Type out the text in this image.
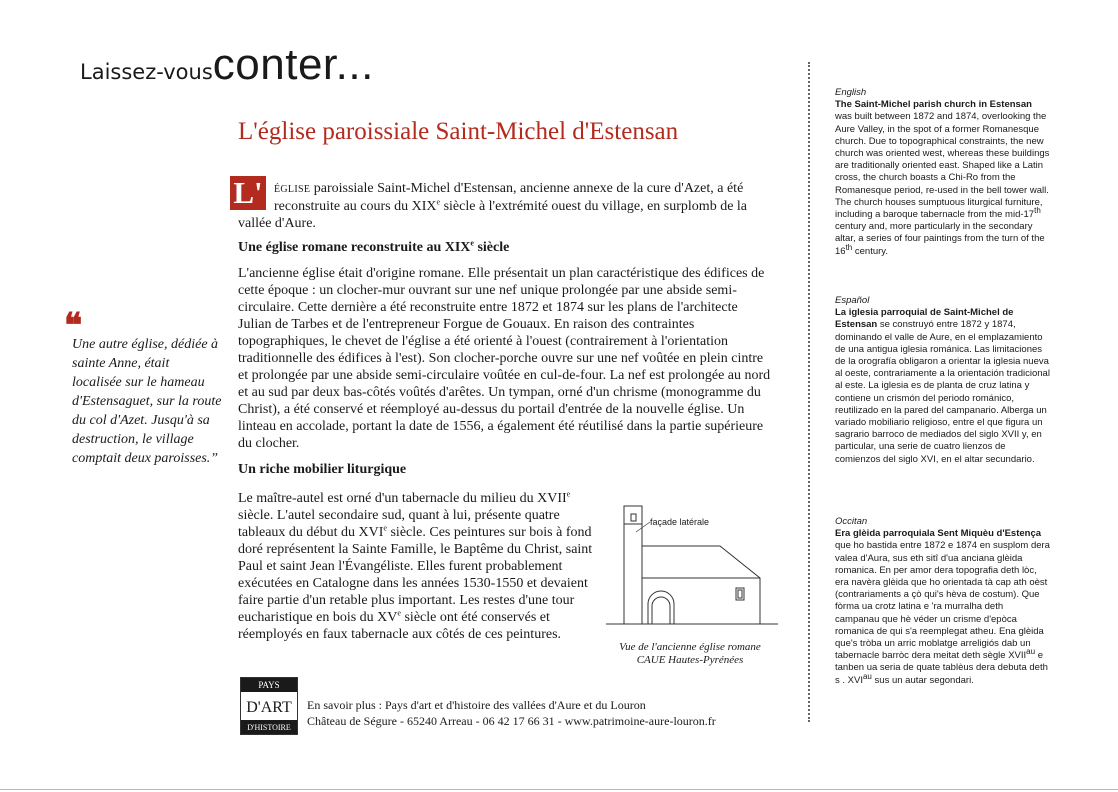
Laissez-vousconter...
L'église paroissiale Saint-Michel d'Estensan
L'	ÉGLISE paroissiale Saint-Michel d'Estensan, ancienne annexe de la cure d'Azet, a été reconstruite au cours du XIXe siècle à l'extrémité ouest du village, en surplomb de la vallée d'Aure.
Une église romane reconstruite au XIXe siècle
L'ancienne église était d'origine romane. Elle présentait un plan caractéristique des édifices de cette époque : un clocher-mur ouvrant sur une nef unique prolongée par une abside semi-circulaire. Cette dernière a été reconstruite entre 1872 et 1874 sur les plans de l'architecte Julian de Tarbes et de l'entrepreneur Forgue de Gouaux. En raison des contraintes topographiques, le chevet de l'église a été orienté à l'ouest (contrairement à l'orientation traditionnelle des édifices à l'est). Son clocher-porche ouvre sur une nef voûtée en plein cintre et prolongée par une abside semi-circulaire voûtée en cul-de-four. La nef est prolongée au nord et au sud par deux bas-côtés voûtés d'arêtes. Un tympan, orné d'un chrisme (monogramme du Christ), a été conservé et réemployé au-dessus du portail d'entrée de la nouvelle église. Un linteau en accolade, portant la date de 1556, a également été réutilisé dans la partie supérieure du clocher.
Un riche mobilier liturgique
Le maître-autel est orné d'un tabernacle du milieu du XVIIe siècle. L'autel secondaire sud, quant à lui, présente quatre tableaux du début du XVIe siècle. Ces peintures sur bois à fond doré représentent la Sainte Famille, le Baptême du Christ, saint Paul et saint Jean l'Évangéliste. Elles furent probablement exécutées en Catalogne dans les années 1530-1550 et devaient faire partie d'un retable plus important. Les restes d'une tour eucharistique en bois du XVe siècle ont été conservés et réemployés en faux tabernacle aux côtés de ces peintures.
façade latérale
Vue de l'ancienne église romane
CAUE Hautes-Pyrénées
❝
Une autre église, dédiée à sainte Anne, était localisée sur le hameau d'Estensaguet, sur la route du col d'Azet. Jusqu'à sa destruction, le village comptait deux paroisses.”
PAYS
D'ART
D'HISTOIRE
En savoir plus : Pays d'art et d'histoire des vallées d'Aure et du Louron
Château de Ségure - 65240 Arreau - 06 42 17 66 31 - www.patrimoine-aure-louron.fr
English
The Saint-Michel parish church in Estensan was built between 1872 and 1874, overlooking the Aure Valley, in the spot of a former Romanesque church. Due to topographical constraints, the new church was oriented west, whereas these buildings are traditionally oriented east. Shaped like a Latin cross, the church boasts a Chi-Ro from the Romanesque period, re-used in the bell tower wall. The church houses sumptuous liturgical furniture, including a baroque tabernacle from the mid-17th century and, more particularly in the secondary altar, a series of four paintings from the turn of the 16th century.
Español
La iglesia parroquial de Saint-Michel de Estensan se construyó entre 1872 y 1874, dominando el valle de Aure, en el emplazamiento de una antigua iglesia románica. Las limitaciones de la orografía obligaron a orientar la iglesia nueva al oeste, contrariamente a la orientación tradicional al este. La iglesia es de planta de cruz latina y contiene un crismón del periodo románico, reutilizado en la pared del campanario. Alberga un variado mobiliario religioso, entre el que figura un sagrario barroco de mediados del siglo XVII y, en particular, una serie de cuatro lienzos de comienzos del siglo XVI, en el altar secundario.
Occitan
Era glèida parroquiala Sent Miquèu d'Estença que ho bastida entre 1872 e 1874 en susplom dera valea d'Aura, sus eth sitî d'ua anciana glèida romanica. En per amor dera topografia deth lòc, era navèra glèida que ho orientada tà cap ath oèst (contrariaments a çò qui's hèva de costum). Que fòrma ua crotz latina e 'ra murralha deth campanau que hè véder un crisme d'epòca romanica de qui s'a reemplegat atheu. Ena glèida que's tròba un arric moblatge arreligiós dab un tabernacle barròc dera meitat deth sègle $XVII^{au}$ e tanben ua seria de quate tablèus dera debuta deth s . $XVI^{au}$ sus un autar segondari.
